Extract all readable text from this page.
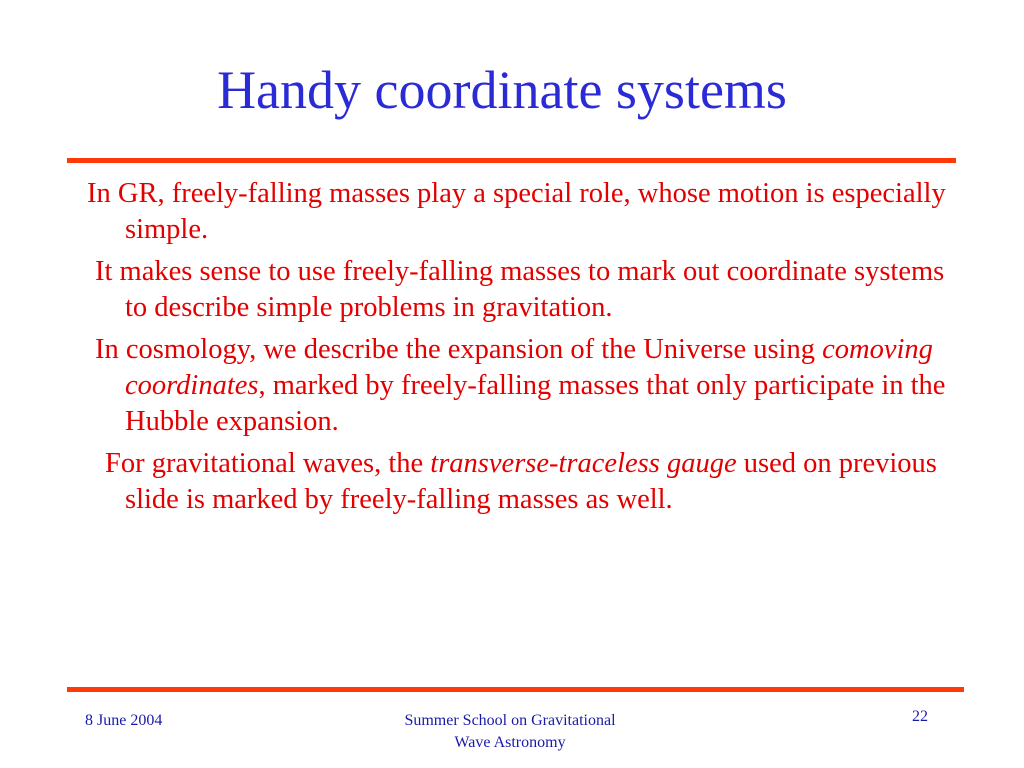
Handy coordinate systems

In GR, freely-falling masses play a special role, whose motion is especially simple.

It makes sense to use freely-falling masses to mark out coordinate systems to describe simple problems in gravitation.

In cosmology, we describe the expansion of the Universe using comoving coordinates, marked by freely-falling masses that only participate in the Hubble expansion.

For gravitational waves, the transverse-traceless gauge used on previous slide is marked by freely-falling masses as well.

8 June 2004	Summer School on Gravitational
Wave Astronomy
22
